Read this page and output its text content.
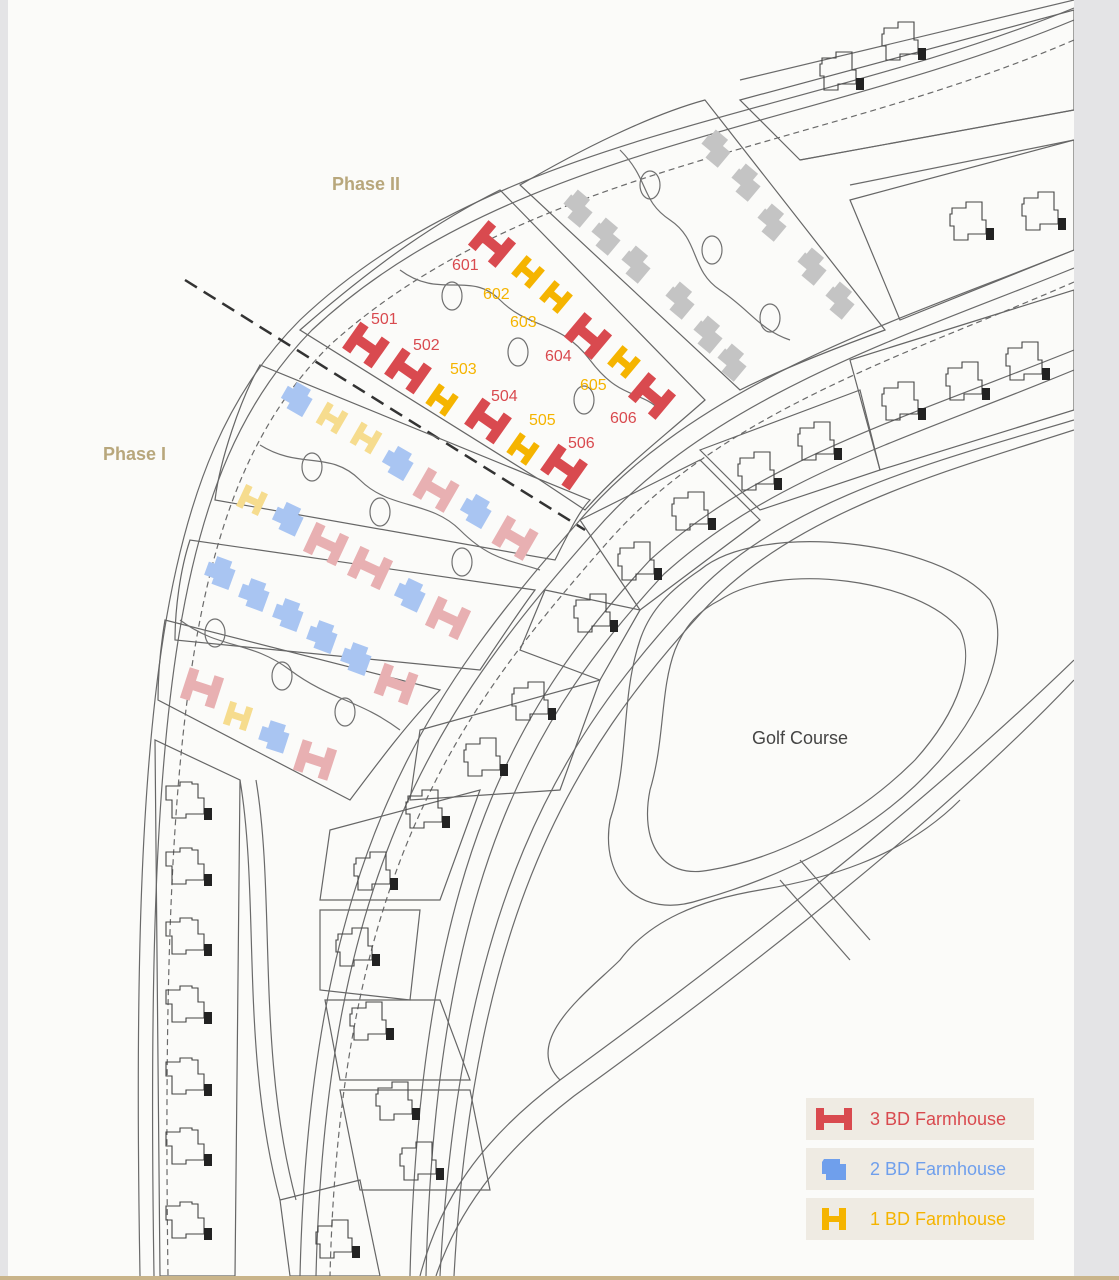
601
602
603
604
605
606
501
502
503
504
505
506
Phase II
Phase I
Golf Course
3 BD Farmhouse
2 BD Farmhouse
1 BD Farmhouse
